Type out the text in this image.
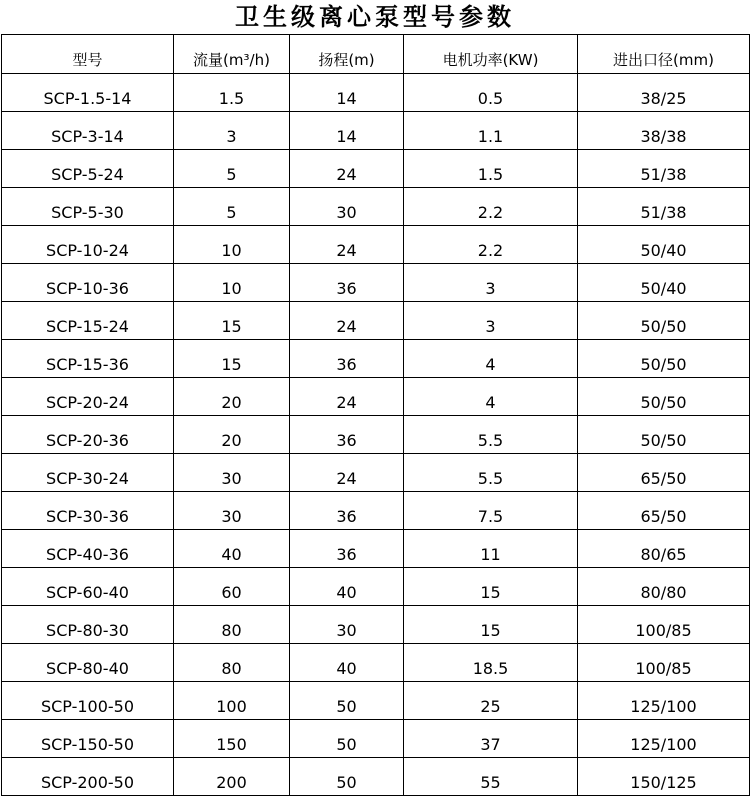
卫生级离心泵型号参数
型号	流量(m³/h)	扬程(m)	电机功率(KW)	进出口径(mm)
SCP-1.5-14	1.5	14	0.5	38/25
SCP-3-14	3	14	1.1	38/38
SCP-5-24	5	24	1.5	51/38
SCP-5-30	5	30	2.2	51/38
SCP-10-24	10	24	2.2	50/40
SCP-10-36	10	36	3	50/40
SCP-15-24	15	24	3	50/50
SCP-15-36	15	36	4	50/50
SCP-20-24	20	24	4	50/50
SCP-20-36	20	36	5.5	50/50
SCP-30-24	30	24	5.5	65/50
SCP-30-36	30	36	7.5	65/50
SCP-40-36	40	36	11	80/65
SCP-60-40	60	40	15	80/80
SCP-80-30	80	30	15	100/85
SCP-80-40	80	40	18.5	100/85
SCP-100-50	100	50	25	125/100
SCP-150-50	150	50	37	125/100
SCP-200-50	200	50	55	150/125
